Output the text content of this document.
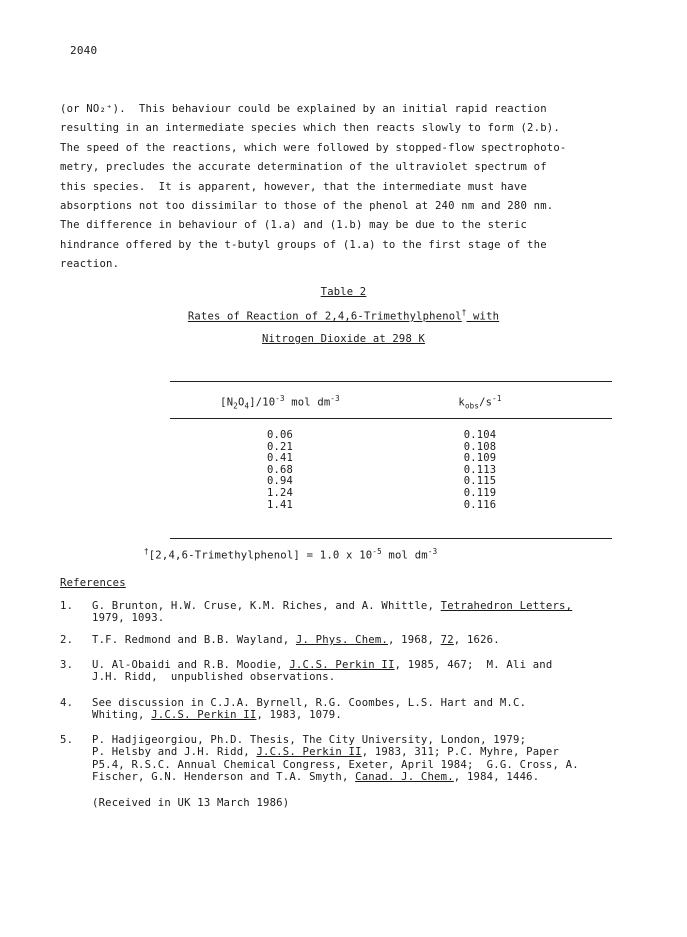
2040
(or NO₂⁺).  This behaviour could be explained by an initial rapid reaction
resulting in an intermediate species which then reacts slowly to form (2.b).
The speed of the reactions, which were followed by stopped-flow spectrophoto-
metry, precludes the accurate determination of the ultraviolet spectrum of
this species.  It is apparent, however, that the intermediate must have
absorptions not too dissimilar to those of the phenol at 240 nm and 280 nm.
The difference in behaviour of (1.a) and (1.b) may be due to the steric
hindrance offered by the t-butyl groups of (1.a) to the first stage of the
reaction.
Table 2
Rates of Reaction of 2,4,6-Trimethylphenol† with
Nitrogen Dioxide at 298 K
$[N_2O_4]/10^{-3}$ mol $dm^{-3}$	$k_{obs}/s^{-1}$
0.06	0.104
0.21	0.108
0.41	0.109
0.68	0.113
0.94	0.115
1.24	0.119
1.41	0.116
†[2,4,6-Trimethylphenol] = 1.0 x $10^{-5}$ mol $dm^{-3}$
References
1. G. Brunton, H.W. Cruse, K.M. Riches, and A. Whittle, Tetrahedron Letters,
1979, 1093.
2. T.F. Redmond and B.B. Wayland, J. Phys. Chem., 1968, 72, 1626.
3. U. Al-Obaidi and R.B. Moodie, J.C.S. Perkin II, 1985, 467;  M. Ali and
J.H. Ridd,  unpublished observations.
4. See discussion in C.J.A. Byrnell, R.G. Coombes, L.S. Hart and M.C.
Whiting, J.C.S. Perkin II, 1983, 1079.
5. P. Hadjigeorgiou, Ph.D. Thesis, The City University, London, 1979;
P. Helsby and J.H. Ridd, J.C.S. Perkin II, 1983, 311; P.C. Myhre, Paper
P5.4, R.S.C. Annual Chemical Congress, Exeter, April 1984;  G.G. Cross, A.
Fischer, G.N. Henderson and T.A. Smyth, Canad. J. Chem., 1984, 1446.
(Received in UK 13 March 1986)
